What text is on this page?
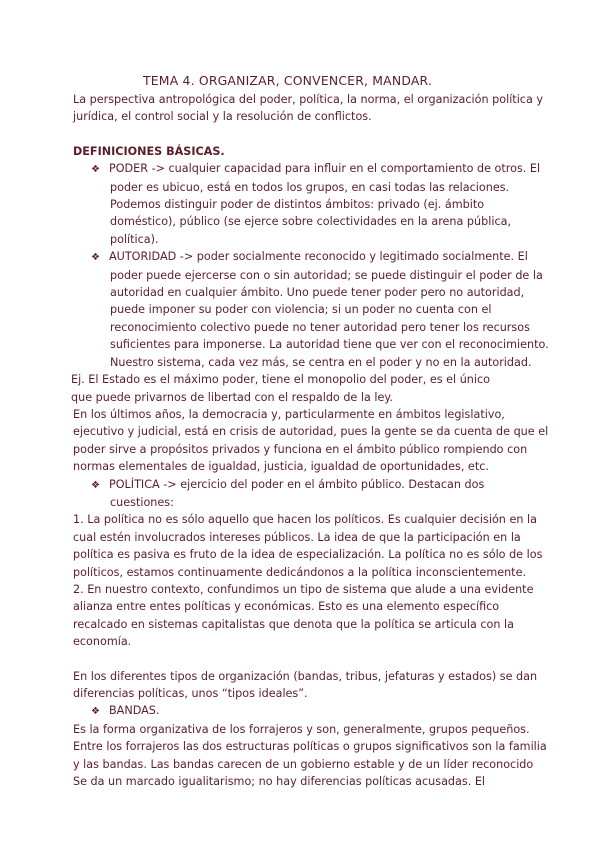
TEMA 4. ORGANIZAR, CONVENCER, MANDAR.
La perspectiva antropológica del poder, política, la norma, el organización política y
jurídica, el control social y la resolución de conflictos.
DEFINICIONES BÁSICAS.
❖ PODER -> cualquier capacidad para influir en el comportamiento de otros. El
poder es ubicuo, está en todos los grupos, en casi todas las relaciones.
Podemos distinguir poder de distintos ámbitos: privado (ej. ámbito
doméstico), público (se ejerce sobre colectividades en la arena pública,
política).
❖ AUTORIDAD -> poder socialmente reconocido y legitimado socialmente. El
poder puede ejercerse con o sin autoridad; se puede distinguir el poder de la
autoridad en cualquier ámbito. Uno puede tener poder pero no autoridad,
puede imponer su poder con violencia; si un poder no cuenta con el
reconocimiento colectivo puede no tener autoridad pero tener los recursos
suficientes para imponerse. La autoridad tiene que ver con el reconocimiento.
Nuestro sistema, cada vez más, se centra en el poder y no en la autoridad.
Ej. El Estado es el máximo poder, tiene el monopolio del poder, es el único
que puede privarnos de libertad con el respaldo de la ley.
En los últimos años, la democracia y, particularmente en ámbitos legislativo,
ejecutivo y judicial, está en crisis de autoridad, pues la gente se da cuenta de que el
poder sirve a propósitos privados y funciona en el ámbito público rompiendo con
normas elementales de igualdad, justicia, igualdad de oportunidades, etc.
❖ POLÍTICA -> ejercicio del poder en el ámbito público. Destacan dos
cuestiones:
1. La política no es sólo aquello que hacen los políticos. Es cualquier decisión en la
cual estén involucrados intereses públicos. La idea de que la participación en la
política es pasiva es fruto de la idea de especialización. La política no es sólo de los
políticos, estamos continuamente dedicándonos a la política inconscientemente.
2. En nuestro contexto, confundimos un tipo de sistema que alude a una evidente
alianza entre entes políticas y económicas. Esto es una elemento específico
recalcado en sistemas capitalistas que denota que la política se articula con la
economía.
En los diferentes tipos de organización (bandas, tribus, jefaturas y estados) se dan
diferencias políticas, unos “tipos ideales”.
❖ BANDAS.
Es la forma organizativa de los forrajeros y son, generalmente, grupos pequeños.
Entre los forrajeros las dos estructuras políticas o grupos significativos son la familia
y las bandas. Las bandas carecen de un gobierno estable y de un líder reconocido
Se da un marcado igualitarismo; no hay diferencias políticas acusadas. El
